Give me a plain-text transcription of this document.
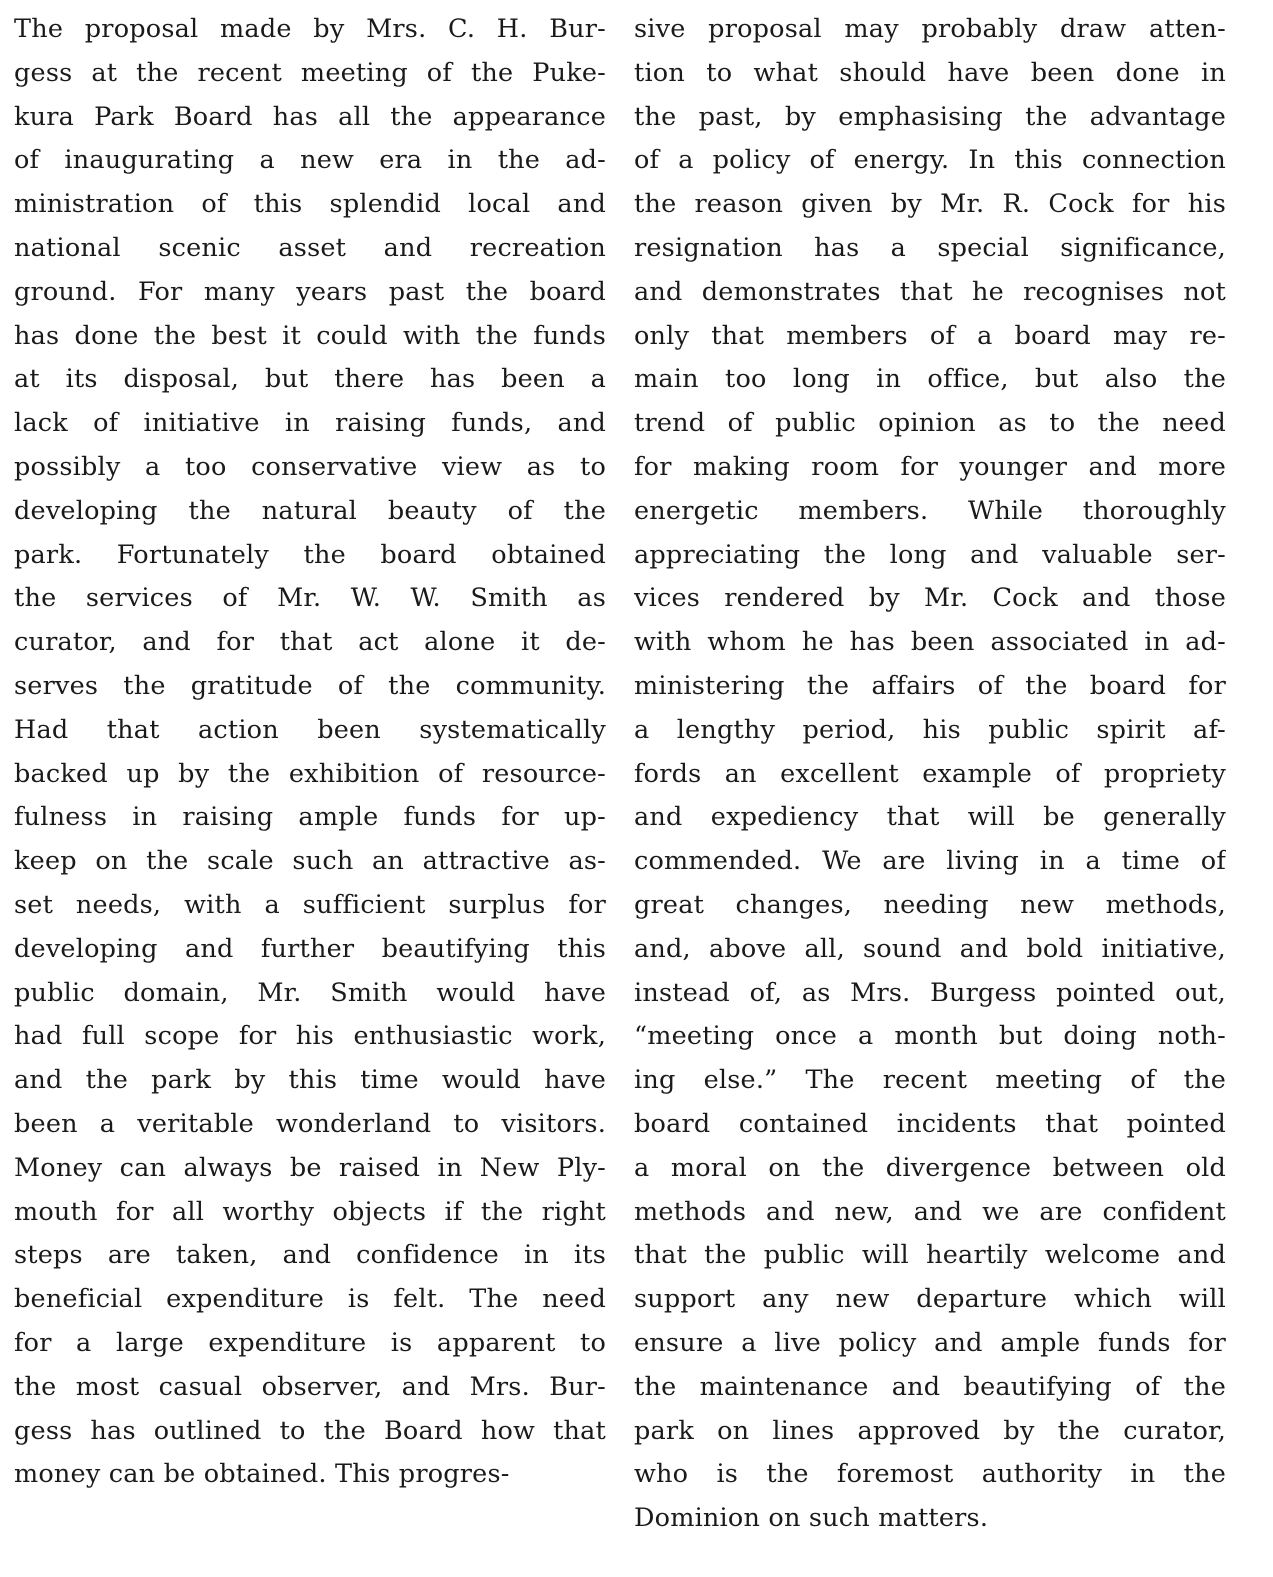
The proposal made by Mrs. C. H. Bur-
gess at the recent meeting of the Puke-
kura Park Board has all the appearance
of inaugurating a new era in the ad-
ministration of this splendid local and
national scenic asset and recreation
ground. For many years past the board
has done the best it could with the funds
at its disposal, but there has been a
lack of initiative in raising funds, and
possibly a too conservative view as to
developing the natural beauty of the
park. Fortunately the board obtained
the services of Mr. W. W. Smith as
curator, and for that act alone it de-
serves the gratitude of the community.
Had that action been systematically
backed up by the exhibition of resource-
fulness in raising ample funds for up-
keep on the scale such an attractive as-
set needs, with a sufficient surplus for
developing and further beautifying this
public domain, Mr. Smith would have
had full scope for his enthusiastic work,
and the park by this time would have
been a veritable wonderland to visitors.
Money can always be raised in New Ply-
mouth for all worthy objects if the right
steps are taken, and confidence in its
beneficial expenditure is felt. The need
for a large expenditure is apparent to
the most casual observer, and Mrs. Bur-
gess has outlined to the Board how that
money can be obtained. This progres-
sive proposal may probably draw atten-
tion to what should have been done in
the past, by emphasising the advantage
of a policy of energy. In this connection
the reason given by Mr. R. Cock for his
resignation has a special significance,
and demonstrates that he recognises not
only that members of a board may re-
main too long in office, but also the
trend of public opinion as to the need
for making room for younger and more
energetic members. While thoroughly
appreciating the long and valuable ser-
vices rendered by Mr. Cock and those
with whom he has been associated in ad-
ministering the affairs of the board for
a lengthy period, his public spirit af-
fords an excellent example of propriety
and expediency that will be generally
commended. We are living in a time of
great changes, needing new methods,
and, above all, sound and bold initiative,
instead of, as Mrs. Burgess pointed out,
“meeting once a month but doing noth-
ing else.” The recent meeting of the
board contained incidents that pointed
a moral on the divergence between old
methods and new, and we are confident
that the public will heartily welcome and
support any new departure which will
ensure a live policy and ample funds for
the maintenance and beautifying of the
park on lines approved by the curator,
who is the foremost authority in the
Dominion on such matters.
